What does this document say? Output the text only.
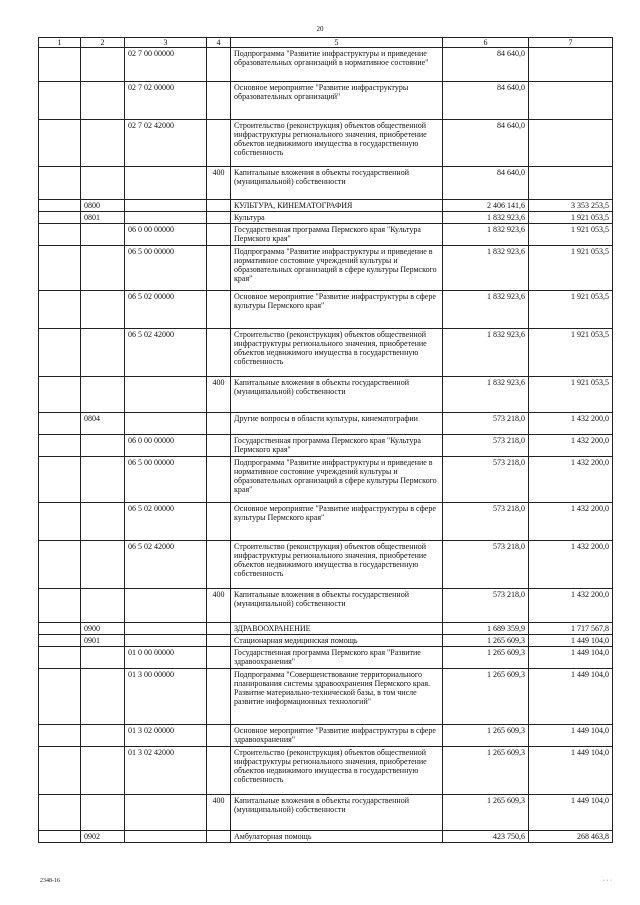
20
1	2	3	4	5	6	7
		02 7 00 00000		Подпрограмма "Развитие инфраструктуры и приведение образовательных организаций в нормативное состояние"	84 640,0	
		02 7 02 00000		Основное мероприятие "Развитие инфраструктуры образовательных организаций"	84 640,0	
		02 7 02 42000		Строительство (реконструкция) объектов общественной инфраструктуры регионального значения, приобретение объектов недвижимого имущества в государственную собственность	84 640,0	
			400	Капитальные вложения в объекты государственной (муниципальной) собственности	84 640,0	
	0800			КУЛЬТУРА, КИНЕМАТОГРАФИЯ	2 406 141,6	3 353 253,5
	0801			Культура	1 832 923,6	1 921 053,5
		06 0 00 00000		Государственная программа Пермского края "Культура Пермского края"	1 832 923,6	1 921 053,5
		06 5 00 00000		Подпрограмма "Развитие инфраструктуры и приведение в нормативное состояние учреждений культуры и образовательных организаций в сфере культуры Пермского края"	1 832 923,6	1 921 053,5
		06 5 02 00000		Основное мероприятие "Развитие инфраструктуры в сфере культуры Пермского края"	1 832 923,6	1 921 053,5
		06 5 02 42000		Строительство (реконструкция) объектов общественной инфраструктуры регионального значения, приобретение объектов недвижимого имущества в государственную собственность	1 832 923,6	1 921 053,5
			400	Капитальные вложения в объекты государственной (муниципальной) собственности	1 832 923,6	1 921 053,5
	0804			Другие вопросы в области культуры, кинематографии	573 218,0	1 432 200,0
		06 0 00 00000		Государственная программа Пермского края "Культура Пермского края"	573 218,0	1 432 200,0
		06 5 00 00000		Подпрограмма "Развитие инфраструктуры и приведение в нормативное состояние учреждений культуры и образовательных организаций в сфере культуры Пермского края"	573 218,0	1 432 200,0
		06 5 02 00000		Основное мероприятие "Развитие инфраструктуры в сфере культуры Пермского края"	573 218,0	1 432 200,0
		06 5 02 42000		Строительство (реконструкция) объектов общественной инфраструктуры регионального значения, приобретение объектов недвижимого имущества в государственную собственность	573 218,0	1 432 200,0
			400	Капитальные вложения в объекты государственной (муниципальной) собственности	573 218,0	1 432 200,0
	0900			ЗДРАВООХРАНЕНИЕ	1 689 359,9	1 717 567,8
	0901			Стационарная медицинская помощь	1 265 609,3	1 449 104,0
		01 0 00 00000		Государственная программа Пермского края "Развитие здравоохранения"	1 265 609,3	1 449 104,0
		01 3 00 00000		Подпрограмма "Совершенствование территориального планирования системы здравоохранения Пермского края. Развитие материально-технической базы, в том числе развитие информационных технологий"	1 265 609,3	1 449 104,0
		01 3 02 00000		Основное мероприятие "Развитие инфраструктуры в сфере здравоохранения"	1 265 609,3	1 449 104,0
		01 3 02 42000		Строительство (реконструкция) объектов общественной инфраструктуры регионального значения, приобретение объектов недвижимого имущества в государственную собственность	1 265 609,3	1 449 104,0
			400	Капитальные вложения в объекты государственной (муниципальной) собственности	1 265 609,3	1 449 104,0
	0902			Амбулаторная помощь	423 750,6	268 463,8
2348-16	· · ·
